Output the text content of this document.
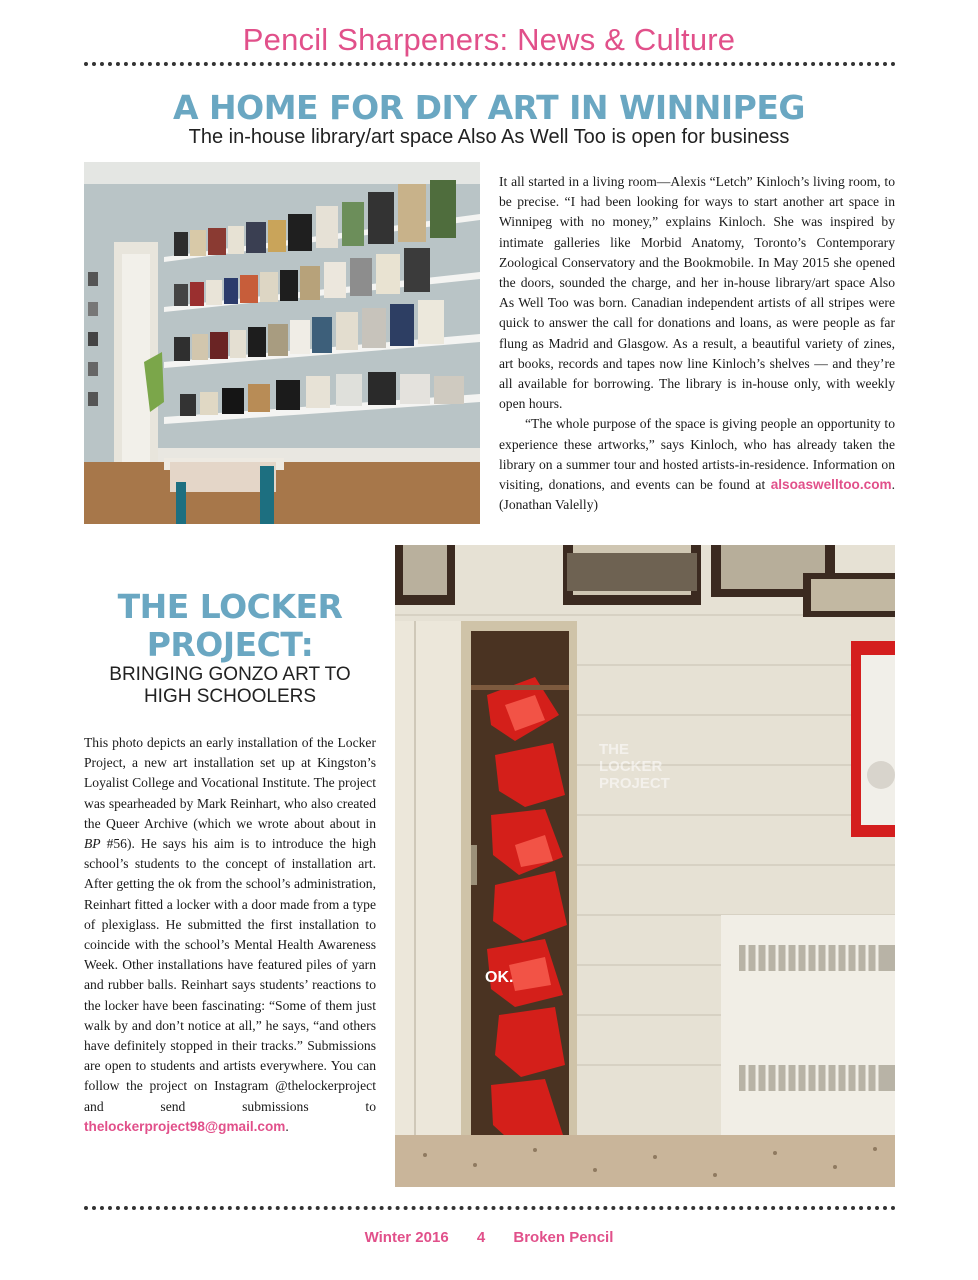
Pencil Sharpeners: News & Culture
A HOME FOR DIY ART IN WINNIPEG
The in-house library/art space Also As Well Too is open for business

It all started in a living room—Alexis “Letch” Kinloch’s living room, to be precise. “I had been looking for ways to start another art space in Winnipeg with no money,” explains Kinloch. She was inspired by intimate galleries like Morbid Anatomy, Toronto’s Contemporary Zoological Conservatory and the Bookmobile. In May 2015 she opened the doors, sounded the charge, and her in-house library/art space Also As Well Too was born. Canadian independent artists of all stripes were quick to answer the call for donations and loans, as were people as far flung as Madrid and Glasgow. As a result, a beautiful variety of zines, art books, records and tapes now line Kinloch’s shelves — and they’re all available for borrowing. The library is in-house only, with weekly open hours.

“The whole purpose of the space is giving people an opportunity to experience these artworks,” says Kinloch, who has already taken the library on a summer tour and hosted artists-in-residence. Information on visiting, donations, and events can be found at alsoaswelltoo.com. (Jonathan Valelly)

THE LOCKER
PROJECT:
BRINGING GONZO ART TO
HIGH SCHOOLERS

This photo depicts an early installation of the Locker Project, a new art installation set up at Kingston’s Loyalist College and Vocational Institute. The project was spearheaded by Mark Reinhart, who also created the Queer Archive (which we wrote about about in BP #56). He says his aim is to introduce the high school’s students to the concept of installation art. After getting the ok from the school’s administration, Reinhart fitted a locker with a door made from a type of plexiglass. He submitted the first installation to coincide with the school’s Mental Health Awareness Week. Other installations have featured piles of yarn and rubber balls. Reinhart says students’ reactions to the locker have been fascinating: “Some of them just walk by and don’t notice at all,” he says, “and others have definitely stopped in their tracks.” Submissions are open to students and artists everywhere. You can follow the project on Instagram @thelockerproject and send submissions to thelockerproject98@gmail.com.

THE
LOCKER
PROJECT
OK.
Winter 2016 4 Broken Pencil
